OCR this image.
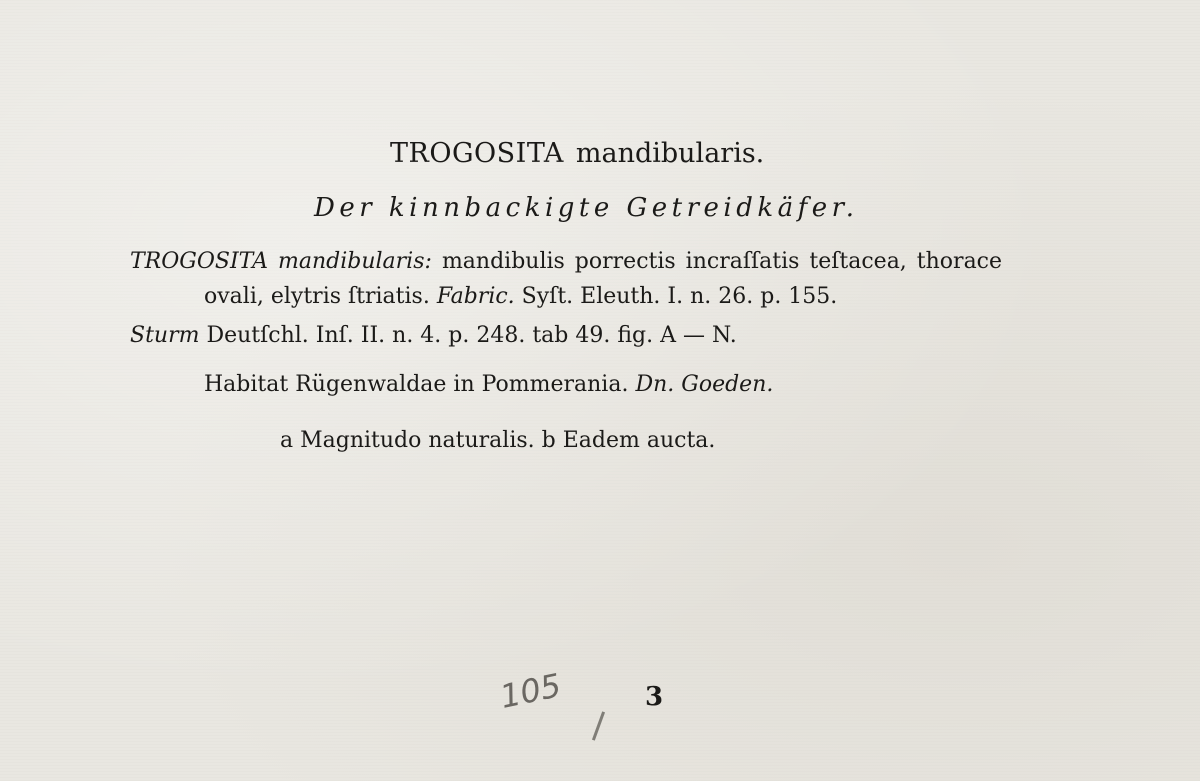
TROGOSITA mandibularis.
Der kinnbackigte Getreidkäfer.
TROGOSITA mandibularis: mandibulis porrectis incraſſatis teſtacea, thorace
ovali, elytris ſtriatis. Fabric. Syſt. Eleuth. I. n. 26. p. 155.
Sturm Deutſchl. Inſ. II. n. 4. p. 248. tab 49. fig. A — N.
Habitat Rügenwaldae in Pommerania. Dn. Goeden.
a Magnitudo naturalis. b Eadem aucta.
105	3
